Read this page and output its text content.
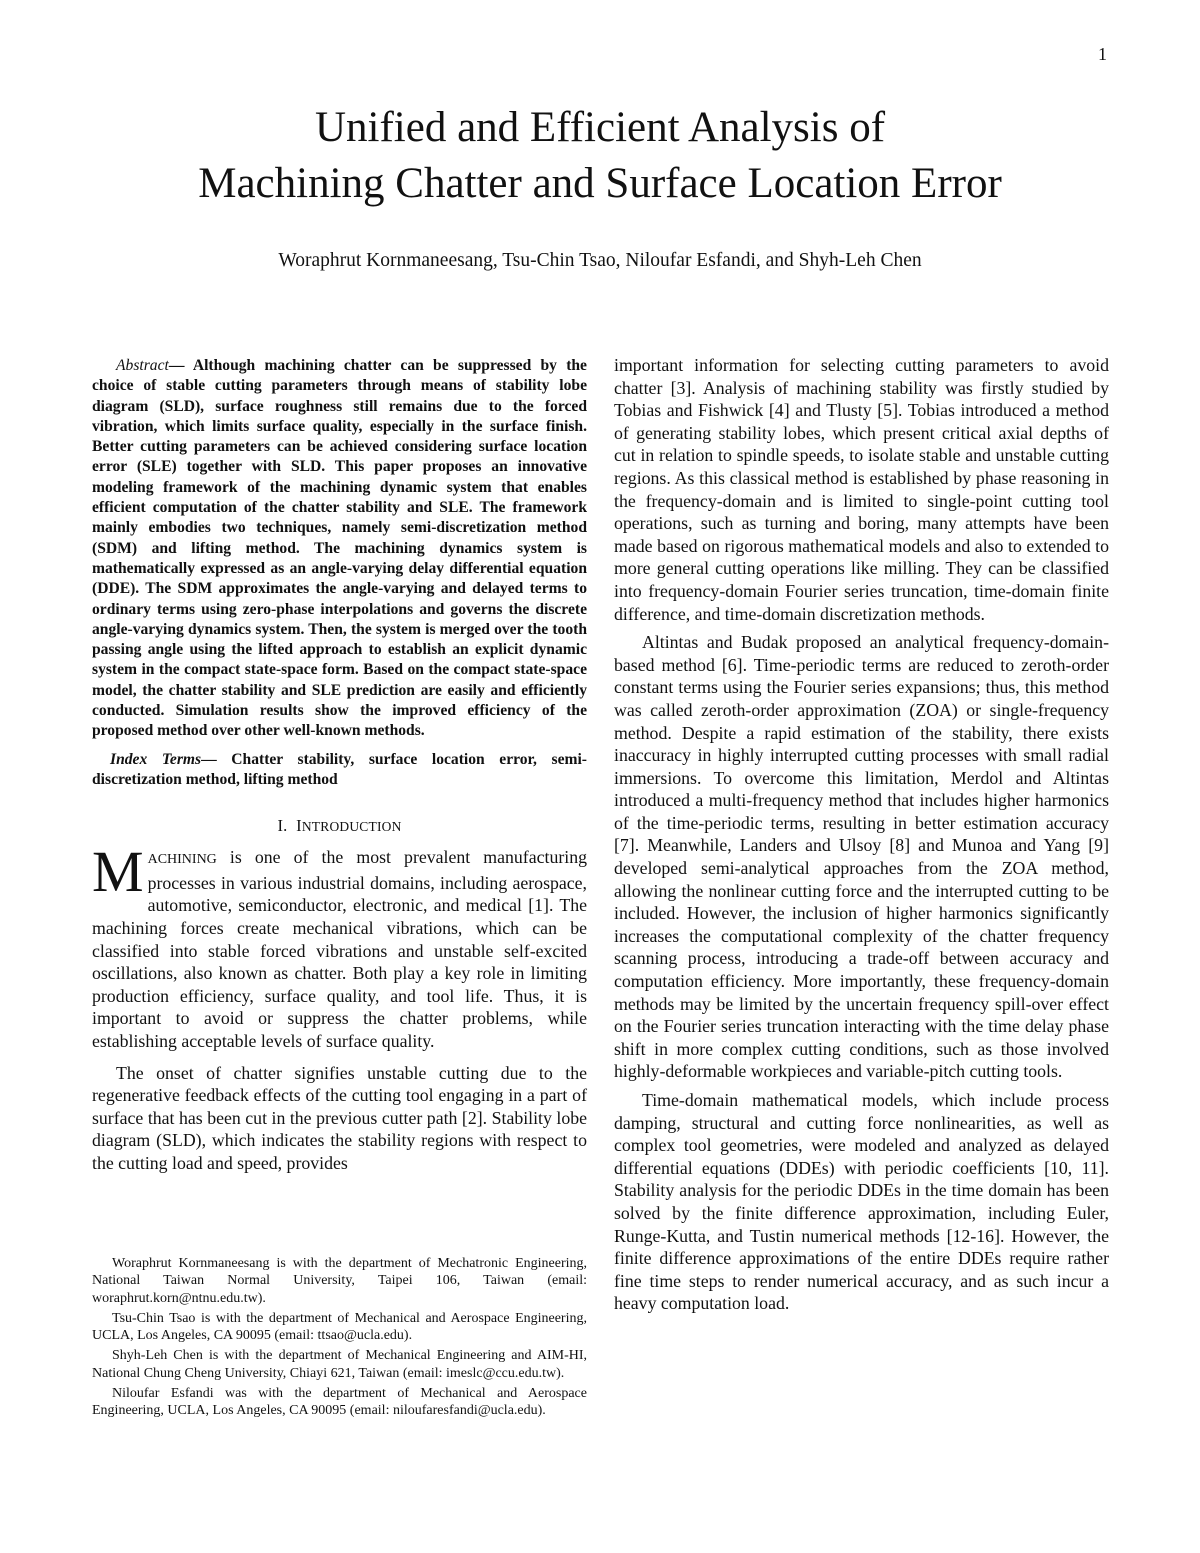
1
Unified and Efficient Analysis of
Machining Chatter and Surface Location Error
Woraphrut Kornmaneesang, Tsu-Chin Tsao, Niloufar Esfandi, and Shyh-Leh Chen

Abstract— Although machining chatter can be suppressed by the choice of stable cutting parameters through means of stability lobe diagram (SLD), surface roughness still remains due to the forced vibration, which limits surface quality, especially in the surface finish. Better cutting parameters can be achieved considering surface location error (SLE) together with SLD. This paper proposes an innovative modeling framework of the machining dynamic system that enables efficient computation of the chatter stability and SLE. The framework mainly embodies two techniques, namely semi-discretization method (SDM) and lifting method. The machining dynamics system is mathematically expressed as an angle-varying delay differential equation (DDE). The SDM approximates the angle-varying and delayed terms to ordinary terms using zero-phase interpolations and governs the discrete angle-varying dynamics system. Then, the system is merged over the tooth passing angle using the lifted approach to establish an explicit dynamic system in the compact state-space form. Based on the compact state-space model, the chatter stability and SLE prediction are easily and efficiently conducted. Simulation results show the improved efficiency of the proposed method over other well-known methods.

Index Terms— Chatter stability, surface location error, semi-discretization method, lifting method

I. INTRODUCTION

MACHINING is one of the most prevalent manufacturing processes in various industrial domains, including aerospace, automotive, semiconductor, electronic, and medical [1]. The machining forces create mechanical vibrations, which can be classified into stable forced vibrations and unstable self-excited oscillations, also known as chatter. Both play a key role in limiting production efficiency, surface quality, and tool life. Thus, it is important to avoid or suppress the chatter problems, while establishing acceptable levels of surface quality.

The onset of chatter signifies unstable cutting due to the regenerative feedback effects of the cutting tool engaging in a part of surface that has been cut in the previous cutter path [2]. Stability lobe diagram (SLD), which indicates the stability regions with respect to the cutting load and speed, provides

Woraphrut Kornmaneesang is with the department of Mechatronic Engineering, National Taiwan Normal University, Taipei 106, Taiwan (email: woraphrut.korn@ntnu.edu.tw).

Tsu-Chin Tsao is with the department of Mechanical and Aerospace Engineering, UCLA, Los Angeles, CA 90095 (email: ttsao@ucla.edu).

Shyh-Leh Chen is with the department of Mechanical Engineering and AIM-HI, National Chung Cheng University, Chiayi 621, Taiwan (email: imeslc@ccu.edu.tw).

Niloufar Esfandi was with the department of Mechanical and Aerospace Engineering, UCLA, Los Angeles, CA 90095 (email: niloufaresfandi@ucla.edu).

important information for selecting cutting parameters to avoid chatter [3]. Analysis of machining stability was firstly studied by Tobias and Fishwick [4] and Tlusty [5]. Tobias introduced a method of generating stability lobes, which present critical axial depths of cut in relation to spindle speeds, to isolate stable and unstable cutting regions. As this classical method is established by phase reasoning in the frequency-domain and is limited to single-point cutting tool operations, such as turning and boring, many attempts have been made based on rigorous mathematical models and also to extended to more general cutting operations like milling. They can be classified into frequency-domain Fourier series truncation, time-domain finite difference, and time-domain discretization methods.

Altintas and Budak proposed an analytical frequency-domain-based method [6]. Time-periodic terms are reduced to zeroth-order constant terms using the Fourier series expansions; thus, this method was called zeroth-order approximation (ZOA) or single-frequency method. Despite a rapid estimation of the stability, there exists inaccuracy in highly interrupted cutting processes with small radial immersions. To overcome this limitation, Merdol and Altintas introduced a multi-frequency method that includes higher harmonics of the time-periodic terms, resulting in better estimation accuracy [7]. Meanwhile, Landers and Ulsoy [8] and Munoa and Yang [9] developed semi-analytical approaches from the ZOA method, allowing the nonlinear cutting force and the interrupted cutting to be included. However, the inclusion of higher harmonics significantly increases the computational complexity of the chatter frequency scanning process, introducing a trade-off between accuracy and computation efficiency. More importantly, these frequency-domain methods may be limited by the uncertain frequency spill-over effect on the Fourier series truncation interacting with the time delay phase shift in more complex cutting conditions, such as those involved highly-deformable workpieces and variable-pitch cutting tools.

Time-domain mathematical models, which include process damping, structural and cutting force nonlinearities, as well as complex tool geometries, were modeled and analyzed as delayed differential equations (DDEs) with periodic coefficients [10, 11]. Stability analysis for the periodic DDEs in the time domain has been solved by the finite difference approximation, including Euler, Runge-Kutta, and Tustin numerical methods [12-16]. However, the finite difference approximations of the entire DDEs require rather fine time steps to render numerical accuracy, and as such incur a heavy computation load.
